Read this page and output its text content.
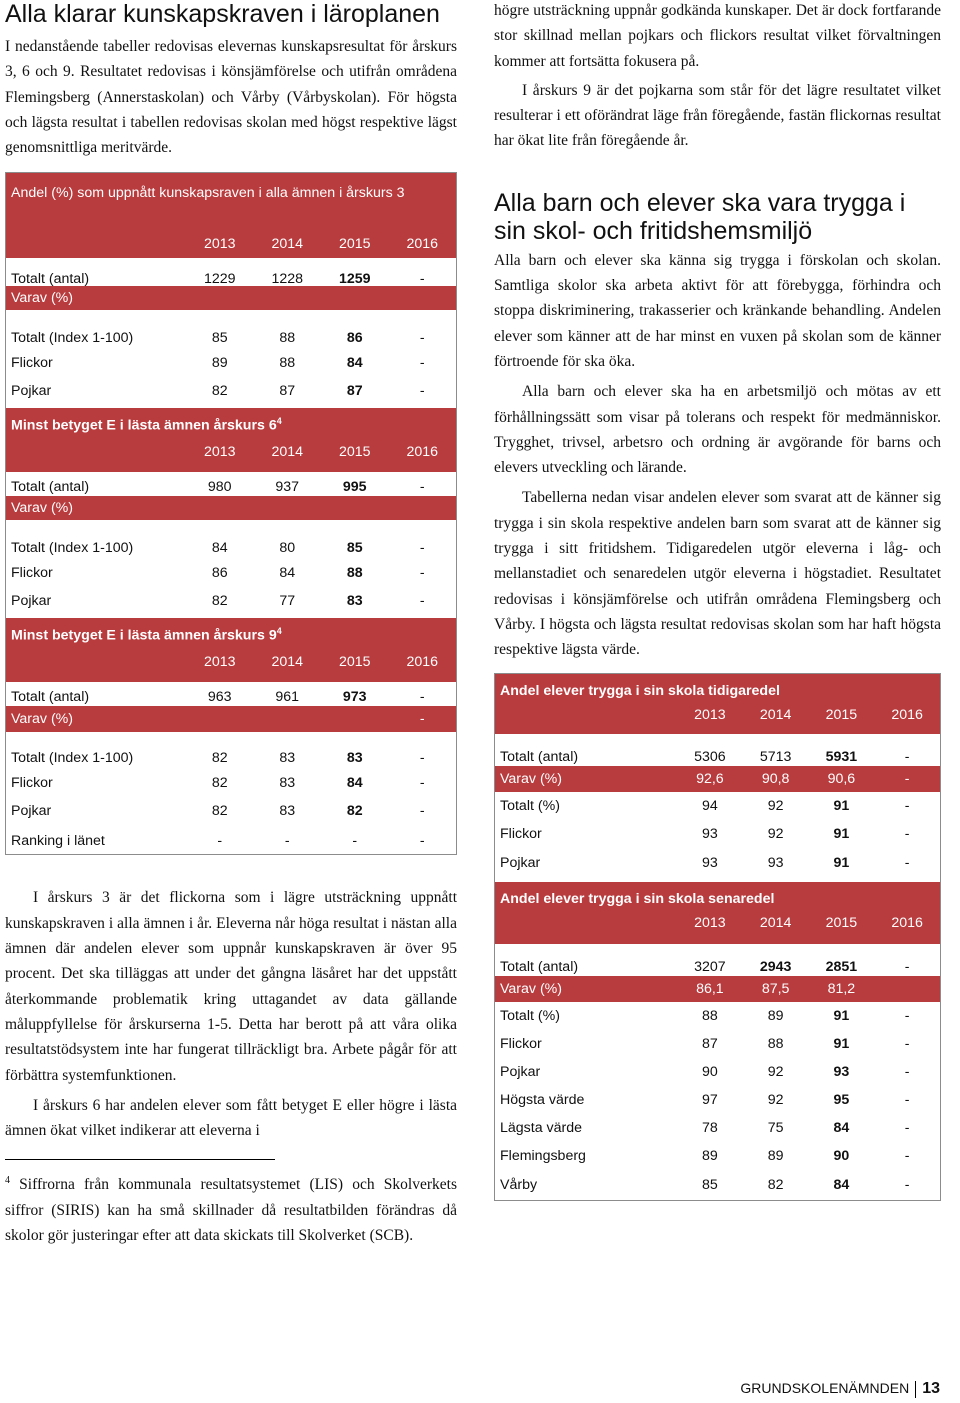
Alla klarar kunskapskraven i läroplanen

I nedanstående tabeller redovisas elevernas kunskapsresultat för årskurs 3, 6 och 9. Resultatet redovisas i könsjämförelse och utifrån områdena Flemingsberg (Annerstaskolan) och Vårby (Vårbyskolan). För högsta och lägsta resultat i tabellen redovisas skolan med högst respektive lägst genomsnittliga meritvärde.

Andel (%) som uppnått kunskapsraven i alla ämnen i årskurs 3
2013	2014	2015	2016
Totalt (antal)	1229	1228	1259	-
Varav (%)
Totalt (Index 1-100)	85	88	86	-
Flickor	89	88	84	-
Pojkar	82	87	87	-
Minst betyget E i lästa ämnen årskurs $6^4$
2013	2014	2015	2016
Totalt (antal)	980	937	995	-
Varav (%)
Totalt (Index 1-100)	84	80	85	-
Flickor	86	84	88	-
Pojkar	82	77	83	-
Minst betyget E i lästa ämnen årskurs $9^4$
2013	2014	2015	2016
Totalt (antal)	963	961	973	-
Varav (%)	-
Totalt (Index 1-100)	82	83	83	-
Flickor	82	83	84	-
Pojkar	82	83	82	-
Ranking i länet	-	-	-	-

I årskurs 3 är det flickorna som i lägre utsträckning uppnått kunskapskraven i alla ämnen i år. Eleverna når höga resultat i nästan alla ämnen där andelen elever som uppnår kunskapskraven är över 95 procent. Det ska tilläggas att under det gångna läsåret har det uppstått återkommande problematik kring uttagandet av data gällande måluppfyllelse för årskurserna 1-5. Detta har berott på att våra olika resultatstödsystem inte har fungerat tillräckligt bra. Arbete pågår för att förbättra systemfunktionen.

I årskurs 6 har andelen elever som fått betyget E eller högre i lästa ämnen ökat vilket indikerar att eleverna i

$^4$ Siffrorna från kommunala resultatsystemet (LIS) och Skolverkets siffror (SIRIS) kan ha små skillnader då resultatbilden förändras då skolor gör justeringar efter att data skickats till Skolverket (SCB).

högre utsträckning uppnår godkända kunskaper. Det är dock fortfarande stor skillnad mellan pojkars och flickors resultat vilket förvaltningen kommer att fortsätta fokusera på.

I årskurs 9 är det pojkarna som står för det lägre resultatet vilket resulterar i ett oförändrat läge från föregående, fastän flickornas resultat har ökat lite från föregående år.

Alla barn och elever ska vara trygga i sin skol- och fritidshemsmiljö

Alla barn och elever ska känna sig trygga i förskolan och skolan. Samtliga skolor ska arbeta aktivt för att förebygga, förhindra och stoppa diskriminering, trakasserier och kränkande behandling. Andelen elever som känner att de har minst en vuxen på skolan som de känner förtroende för ska öka.

Alla barn och elever ska ha en arbetsmiljö och mötas av ett förhållningssätt som visar på tolerans och respekt för medmänniskor. Trygghet, trivsel, arbetsro och ordning är avgörande för barns och elevers utveckling och lärande.

Tabellerna nedan visar andelen elever som svarat att de känner sig trygga i sin skola respektive andelen barn som svarat att de känner sig trygga i sitt fritidshem. Tidigaredelen utgör eleverna i låg- och mellanstadiet och senaredelen utgör eleverna i högstadiet. Resultatet redovisas i könsjämförelse och utifrån områdena Flemingsberg och Vårby. I högsta och lägsta resultat redovisas skolan som har haft högsta respektive lägsta värde.

Andel elever trygga i sin skola tidigaredel
2013	2014	2015	2016
Totalt (antal)	5306	5713	5931	-
Varav (%)	92,6	90,8	90,6	-
Totalt (%)	94	92	91	-
Flickor	93	92	91	-
Pojkar	93	93	91	-
Andel elever trygga i sin skola senaredel
2013	2014	2015	2016
Totalt (antal)	3207	2943	2851	-
Varav (%)	86,1	87,5	81,2
Totalt (%)	88	89	91	-
Flickor	87	88	91	-
Pojkar	90	92	93	-
Högsta värde	97	92	95	-
Lägsta värde	78	75	84	-
Flemingsberg	89	89	90	-
Vårby	85	82	84	-
GRUNDSKOLENÄMNDEN 13
